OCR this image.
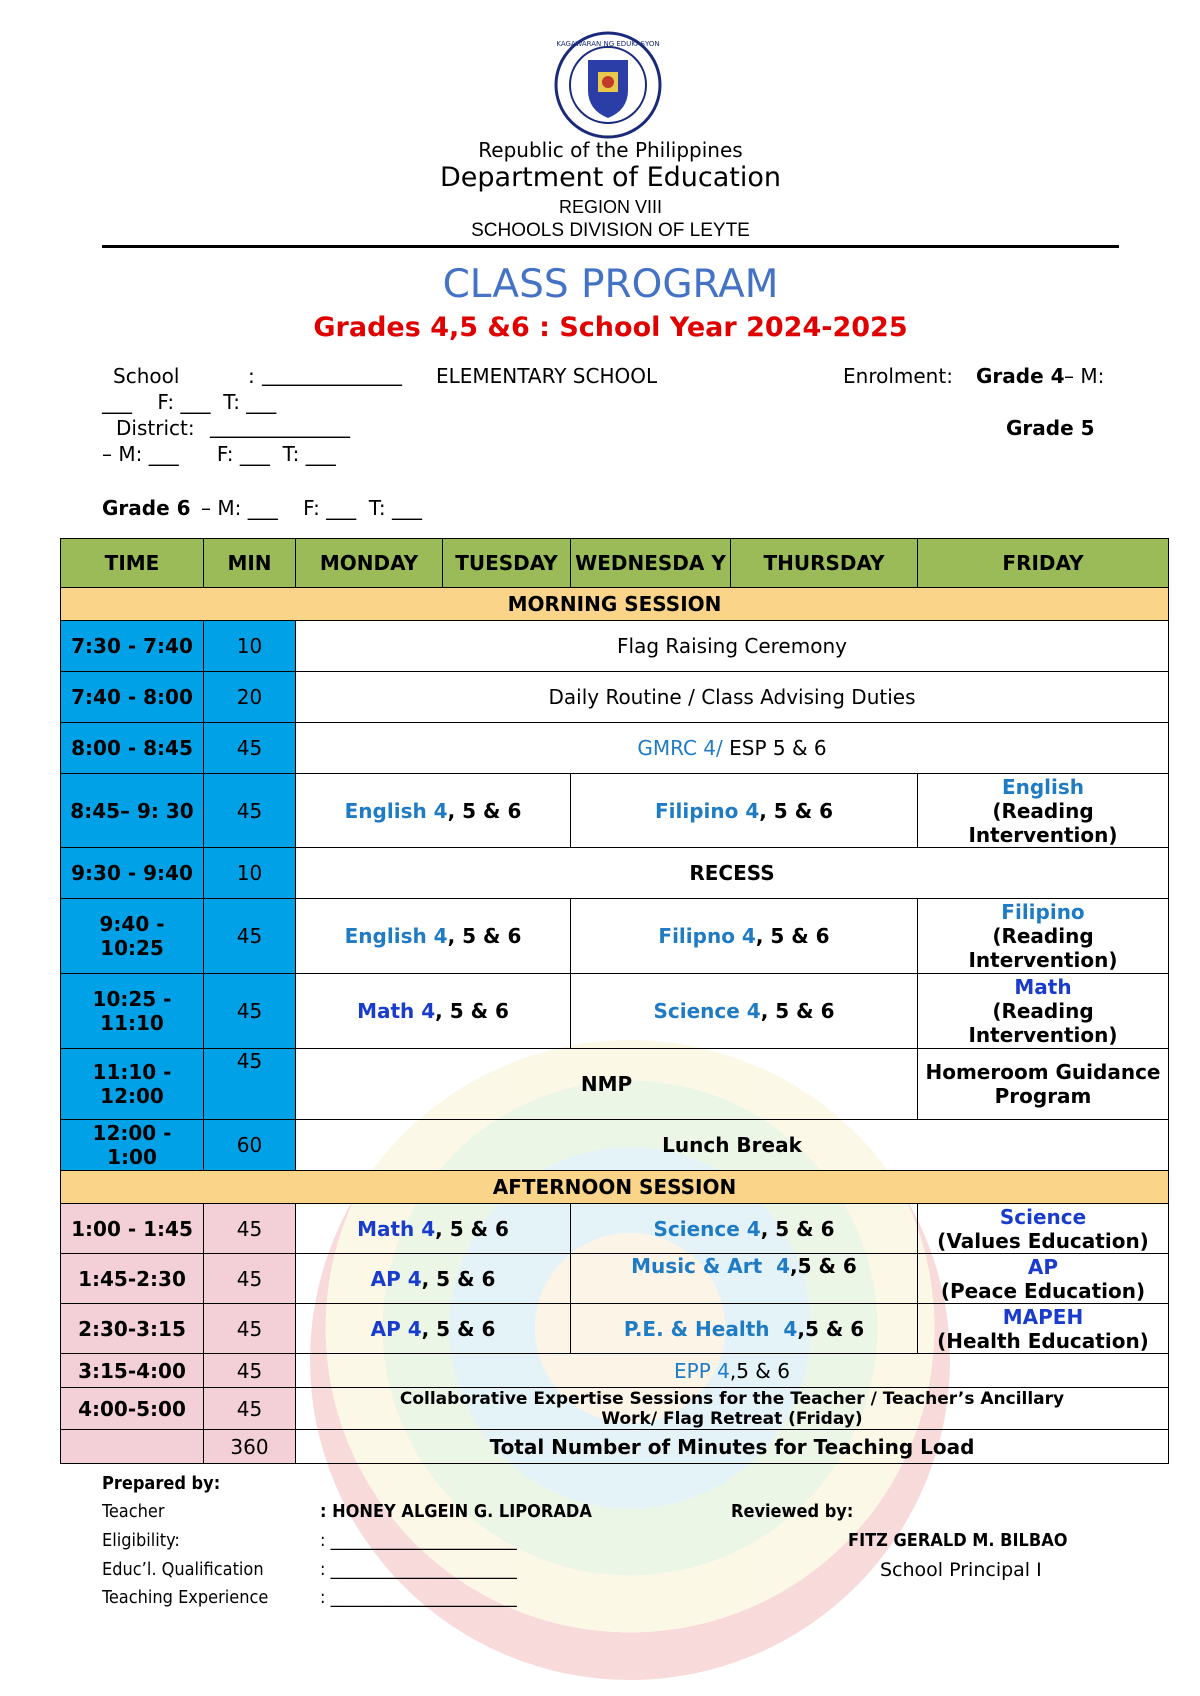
KAGAWARAN NG EDUKASYON
Republic of the Philippines
Department of Education
REGION VIII
SCHOOLS DIVISION OF LEYTE
CLASS PROGRAM
Grades 4,5 &6 : School Year 2024-2025
School	: ______________ ELEMENTARY SCHOOL	Enrolment: Grade 4 – M:
___    F: ___  T: ___
District: ______________	Grade 5
– M: ___      F: ___  T: ___
Grade 6 – M: ___    F: ___  T: ___
TIME	MIN	MONDAY	TUESDAY	WEDNESDA Y	THURSDAY	FRIDAY
MORNING SESSION						
7:30 - 7:40	10	Flag Raising Ceremony				
7:40 - 8:00	20	Daily Routine / Class Advising Duties				
8:00 - 8:45	45	GMRC 4/ ESP 5 & 6				
8:45– 9: 30	45	English 4, 5 & 6		Filipino 4, 5 & 6		English
(Reading Intervention)
9:30 - 9:40	10	RECESS				
9:40 - 10:25	45	English 4, 5 & 6		Filipno 4, 5 & 6		Filipino
(Reading Intervention)
10:25 - 11:10	45	Math 4, 5 & 6		Science 4, 5 & 6		Math
(Reading Intervention)
11:10 - 12:00	45	NMP				Homeroom Guidance Program
12:00 - 1:00	60	Lunch Break				
AFTERNOON SESSION						
1:00 - 1:45	45	Math 4, 5 & 6		Science 4, 5 & 6		Science
(Values Education)
1:45-2:30	45	AP 4, 5 & 6		Music & Art  4,5 & 6		AP
(Peace Education)
2:30-3:15	45	AP 4, 5 & 6		P.E. & Health  4,5 & 6		MAPEH
(Health Education)
3:15-4:00	45	EPP 4,5 & 6				
4:00-5:00	45	Collaborative Expertise Sessions for the Teacher / Teacher’s Ancillary Work/ Flag Retreat (Friday)				
	360	Total Number of Minutes for Teaching Load				
Prepared by:
Teacher	: HONEY ALGEIN G. LIPORADA
Eligibility:	: _______________________
Educ’l. Qualification	: _______________________
Teaching Experience	: _______________________
Reviewed by:
FITZ GERALD M. BILBAO
School Principal I
